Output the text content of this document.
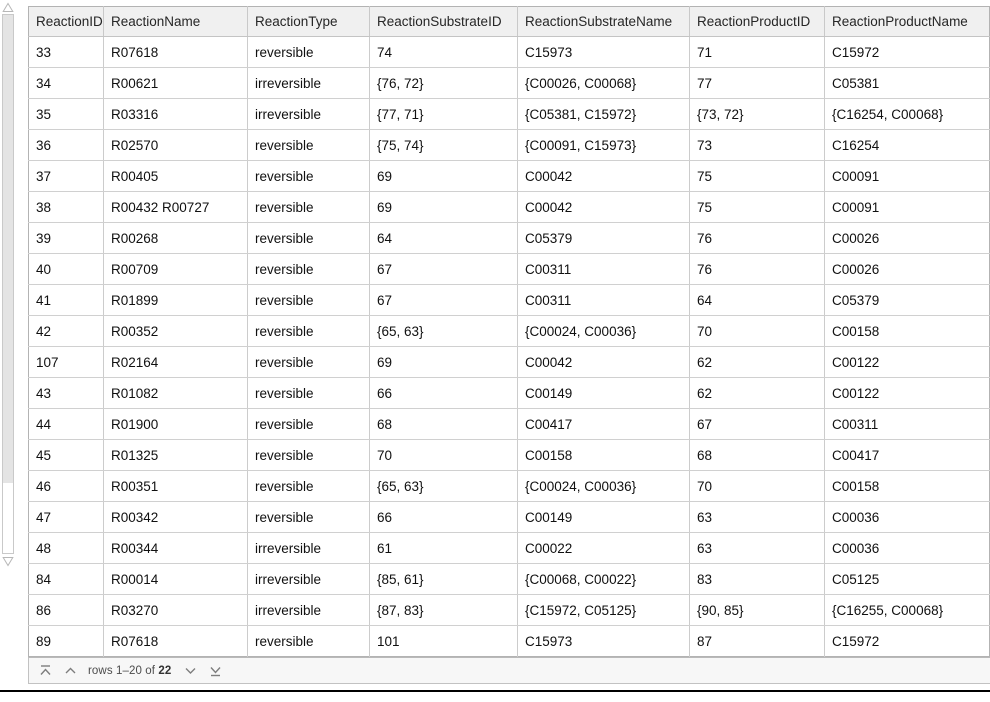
ReactionID	ReactionName	ReactionType	ReactionSubstrateID	ReactionSubstrateName	ReactionProductID	ReactionProductName
33	R07618	reversible	74	C15973	71	C15972
34	R00621	irreversible	{76, 72}	{C00026, C00068}	77	C05381
35	R03316	irreversible	{77, 71}	{C05381, C15972}	{73, 72}	{C16254, C00068}
36	R02570	reversible	{75, 74}	{C00091, C15973}	73	C16254
37	R00405	reversible	69	C00042	75	C00091
38	R00432 R00727	reversible	69	C00042	75	C00091
39	R00268	reversible	64	C05379	76	C00026
40	R00709	reversible	67	C00311	76	C00026
41	R01899	reversible	67	C00311	64	C05379
42	R00352	reversible	{65, 63}	{C00024, C00036}	70	C00158
107	R02164	reversible	69	C00042	62	C00122
43	R01082	reversible	66	C00149	62	C00122
44	R01900	reversible	68	C00417	67	C00311
45	R01325	reversible	70	C00158	68	C00417
46	R00351	reversible	{65, 63}	{C00024, C00036}	70	C00158
47	R00342	reversible	66	C00149	63	C00036
48	R00344	irreversible	61	C00022	63	C00036
84	R00014	irreversible	{85, 61}	{C00068, C00022}	83	C05125
86	R03270	irreversible	{87, 83}	{C15972, C05125}	{90, 85}	{C16255, C00068}
89	R07618	reversible	101	C15973	87	C15972
rows 1–20 of 22
